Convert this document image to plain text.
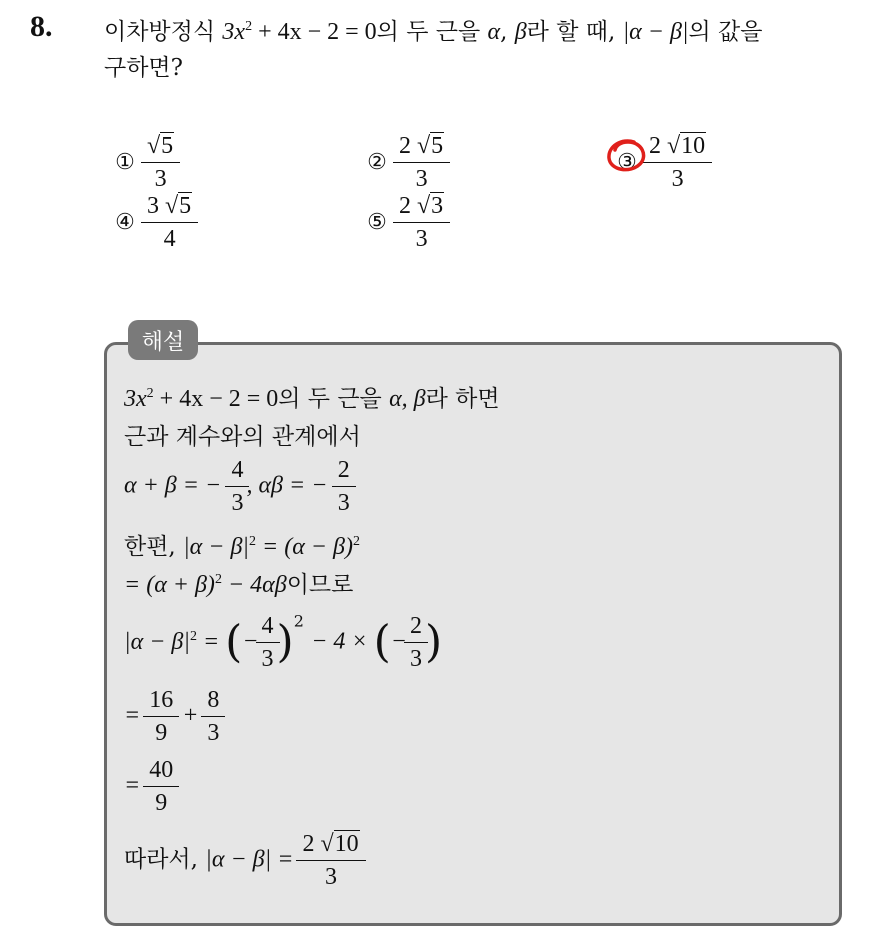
8. 이차방정식 $3x^2 + 4x - 2 = 0$의 두 근을 α, β라 할 때, |α − β|의 값을
구하면?
① $\frac{√5}{3}$	② $\frac{2 √5}{3}$	③ $\frac{2 √10}{3}$
④ $\frac{3 √5}{4}$	⑤ $\frac{2 √3}{3}$
해설
$3x^2 + 4x - 2 = 0$의 두 근을 α, β라 하면
근과 계수와의 관계에서
α + β = − $\frac{4}{3}$ , αβ = − $\frac{2}{3}$
한편, $|\alpha - \beta|^2 = (\alpha - \beta)^2$
= $(\alpha + \beta)^2 - 4\alpha\beta$이므로
$|\alpha - \beta|^2$ = (− $\frac{4}{3} )^2 - 4$ × (− $\frac{2}{3}$ )
= $\frac{16}{9} + \frac{8}{3}$
= $\frac{40}{9}$
따라서, $|\alpha - \beta| = \frac{2 √10}{3}$
